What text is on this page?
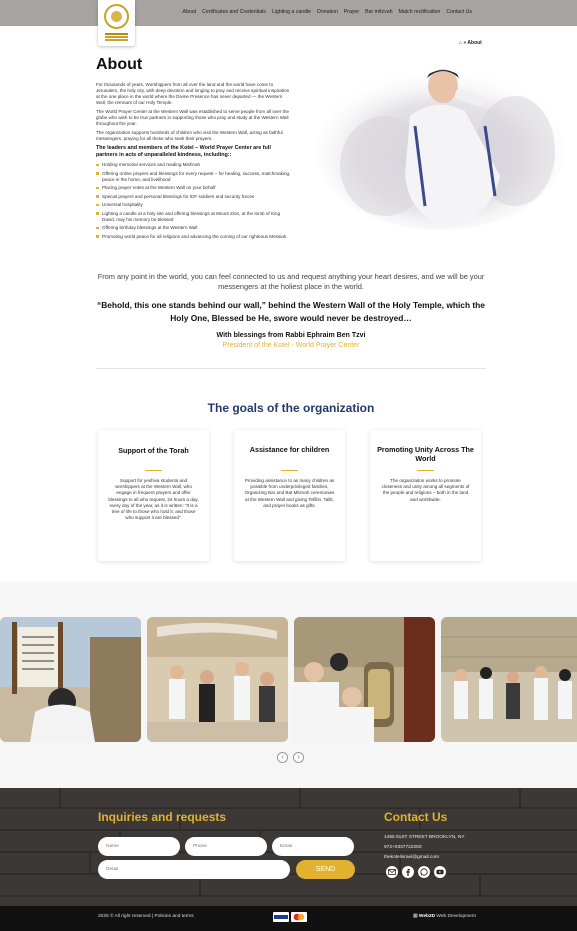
About Certificates and Credentials Lighting a candle Donation Prayer Bar mitzvah Match rectification Contact Us
⌂ » About
About

For thousands of years, Worshippers from all over the land and the world have come to Jerusalem, the holy city, with deep devotion and longing to pray and receive spiritual inspiration at the one place in the world where the Divine Presence has never departed — the Western Wall, the remnant of our Holy Temple.

The World Prayer Center at the Western Wall was established to serve people from all over the globe who wish to be true partners in supporting those who pray and study at the Western Wall throughout the year.

The organization supports hundreds of children who visit the Western Wall, acting as faithful messengers, praying for all those who seek their prayers.

The leaders and members of the Kotel – World Prayer Center are full partners in acts of unparalleled kindness, including::

Holding memorial services and reading Mishnah
Offering online prayers and blessings for every request – for healing, success, matchmaking, peace in the home, and livelihood
Placing prayer notes at the Western Wall on your behalf
Special prayers and personal blessings for IDF soldiers and security forces
Universal hospitality
Lighting a candle at a holy site and offering blessings at Mount Zion, at the tomb of King David, may his memory be blessed
Offering birthday blessings at the Western Wall
Promoting world peace for all religions and advancing the coming of our righteous Messiah.
From any point in the world, you can feel connected to us and request anything your heart desires, and we will be your messengers at the holiest place in the world.
“Behold, this one stands behind our wall,” behind the Western Wall of the Holy Temple, which the Holy One, Blessed be He, swore would never be destroyed…
With blessings from Rabbi Ephraim Ben Tzvi
President of the Kotel - World Prayer Center
The goals of the organization
Support of the Torah

Support for yeshiva students and worshippers at the Western Wall, who engage in frequent prayers and offer blessings to all who request, 24 hours a day, every day of the year, as it is written: “It is a tree of life to those who hold it, and those who support it are blessed”.

Assistance for children

Providing assistance to as many children as possible from underprivileged families, Organizing Bar and Bat Mitzvah ceremonies at the Western Wall and giving Tefillin, Tallit, and prayer books as gifts.

Promoting Unity Across The World

The organization works to promote closeness and unity among all segments of the people and religions – both in the land and worldwide.

‹	›
Inquiries and requests
Name
Phone
Email
Detail
SEND
Contact Us
1455 51ST STREET BROOKLYN, NY
972+0337722250
thekotelisrael@gmail.com
2025 © All right reserved | Policies and terms	▦ Web3D Web Development
